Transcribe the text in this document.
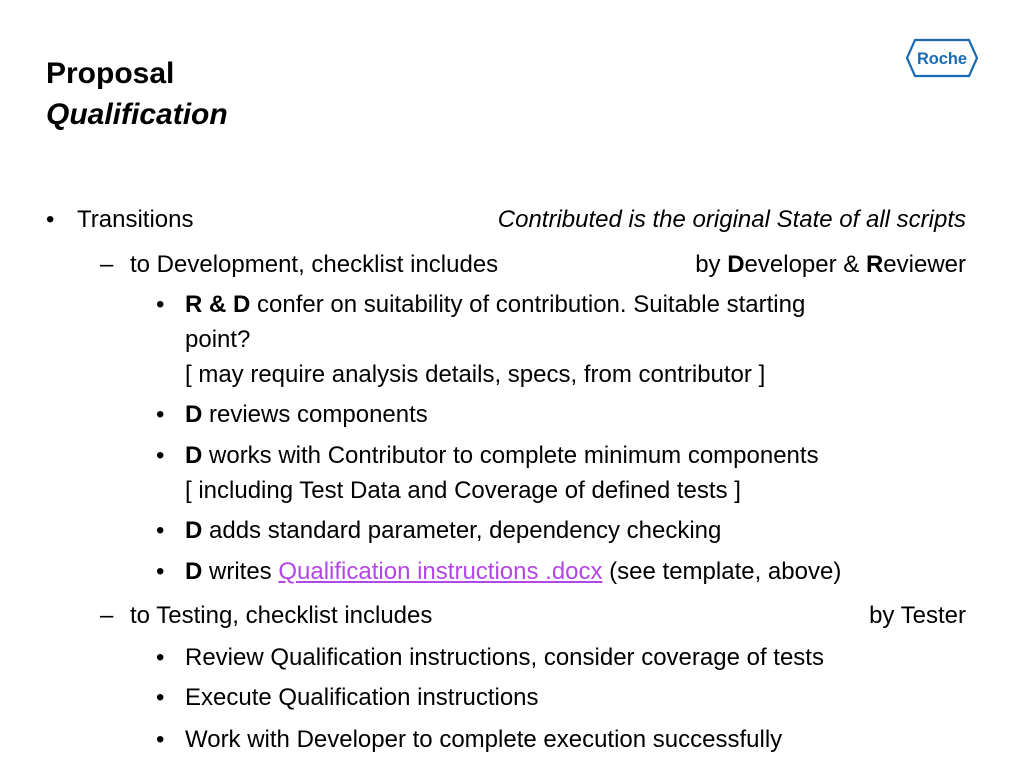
Proposal
Qualification
Roche
• Transitions	Contributed is the original State of all scripts
– to Development, checklist includes	by Developer & Reviewer
• R & D confer on suitability of contribution. Suitable starting
point?
[ may require analysis details, specs, from contributor ]
• D reviews components
• D works with Contributor to complete minimum components
[ including Test Data and Coverage of defined tests ]
• D adds standard parameter, dependency checking
• D writes Qualification instructions .docx (see template, above)
– to Testing, checklist includes	by Tester
• Review Qualification instructions, consider coverage of tests
• Execute Qualification instructions
• Work with Developer to complete execution successfully
